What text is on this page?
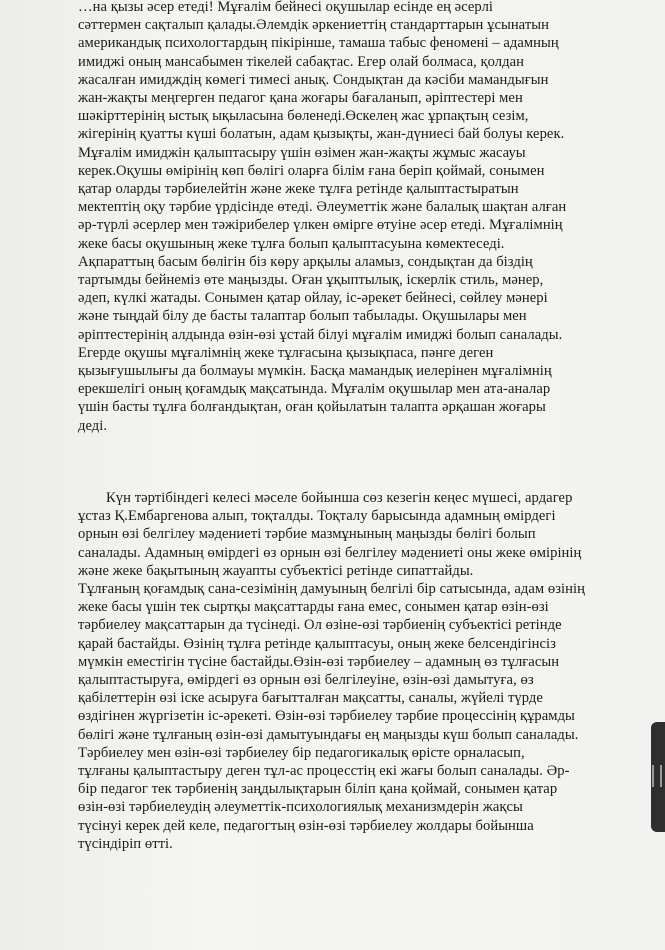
…на қызы әсер етеді! Мұғалім бейнесі оқушылар есінде ең әсерлі
сәттермен сақталып қалады.Әлемдік әркениеттің стандарттарын ұсынатын
американдық психологтардың пікірінше, тамаша табыс феномені – адамның
имиджі оның мансабымен тікелей сабақтас. Егер олай болмаса, қолдан
жасалған имидждің көмегі тимесі анық. Сондықтан да кәсіби мамандығын
жан-жақты меңгерген педагог қана жоғары бағаланып, әріптестері мен
шәкірттерінің ыстық ықыласына бөленеді.Өскелең жас ұрпақтың сезім,
жігерінің қуатты күші болатын, адам қызықты, жан-дүниесі бай болуы керек.
Мұғалім имиджін қалыптасыру үшін өзімен жан-жақты жұмыс жасауы
керек.Оқушы өмірінің көп бөлігі оларға білім ғана беріп қоймай, сонымен
қатар оларды тәрбиелейтін және жеке тұлға ретінде қалыптастыратын
мектептің оқу тәрбие үрдісінде өтеді. Әлеуметтік және балалық шақтан алған
әр-түрлі әсерлер мен тәжірибелер үлкен өмірге өтуіне әсер етеді. Мұғалімнің
жеке басы оқушының жеке тұлға болып қалыптасуына көмектеседі.
Ақпараттың басым бөлігін біз көру арқылы аламыз, сондықтан да біздің
тартымды бейнеміз өте маңызды. Оған ұқыптылық, іскерлік стиль, мәнер,
әдеп, күлкі жатады. Сонымен қатар ойлау, іс-әрекет бейнесі, сөйлеу мәнері
және тыңдай білу де басты талаптар болып табылады. Оқушылары мен
әріптестерінің алдында өзін-өзі ұстай білуі мұғалім имиджі болып саналады.
Егерде оқушы мұғалімнің жеке тұлғасына қызықпаса, пәнге деген
қызығушылығы да болмауы мүмкін. Басқа мамандық иелерінен мұғалімнің
ерекшелігі оның қоғамдық мақсатында. Мұғалім оқушылар мен ата-аналар
үшін басты тұлға болғандықтан, оған қойылатын талапта әрқашан жоғары
деді.
Күн тәртібіндегі келесі мәселе бойынша сөз кезегін кеңес мүшесі, ардагер
ұстаз Қ.Ембаргенова алып, тоқталды. Тоқталу барысында адамның өмірдегі
орнын өзі белгілеу мәдениеті тәрбие мазмұнының маңызды бөлігі болып
саналады. Адамның өмірдегі өз орнын өзі белгілеу мәдениеті оны жеке өмірінің
және жеке бақытының жауапты субъектісі ретінде сипаттайды.
Тұлғаның қоғамдық сана-сезімінің дамуының белгілі бір сатысында, адам өзінің
жеке басы үшін тек сыртқы мақсаттарды ғана емес, сонымен қатар өзін-өзі
тәрбиелеу мақсаттарын да түсінеді. Ол өзіне-өзі тәрбиенің субъектісі ретінде
қарай бастайды. Өзінің тұлға ретінде қалыптасуы, оның жеке белсендігінсіз
мүмкін еместігін түсіне бастайды.Өзін-өзі тәрбиелеу – адамның өз тұлғасын
қалыптастыруға, өмірдегі өз орнын өзі белгілеуіне, өзін-өзі дамытуға, өз
қабілеттерін өзі іске асыруға бағытталған мақсатты, саналы, жүйелі түрде
өздігінен жүргізетін іс-әрекеті. Өзін-өзі тәрбиелеу тәрбие процессінің құрамды
бөлігі және тұлғаның өзін-өзі дамытуындағы ең маңызды күш болып саналады.
Тәрбиелеу мен өзін-өзі тәрбиелеу бір педагогикалық өрісте орналасып,
тұлғаны қалыптастыру деген тұл-ас процесстің екі жағы болып саналады. Әр-
бір педагог тек тәрбиенің заңдылықтарын біліп қана қоймай, сонымен қатар
өзін-өзі тәрбиелеудің әлеуметтік-психологиялық механизмдерін жақсы
түсінуі керек дей келе, педагогтың өзін-өзі тәрбиелеу жолдары бойынша
түсіндіріп өтті.
